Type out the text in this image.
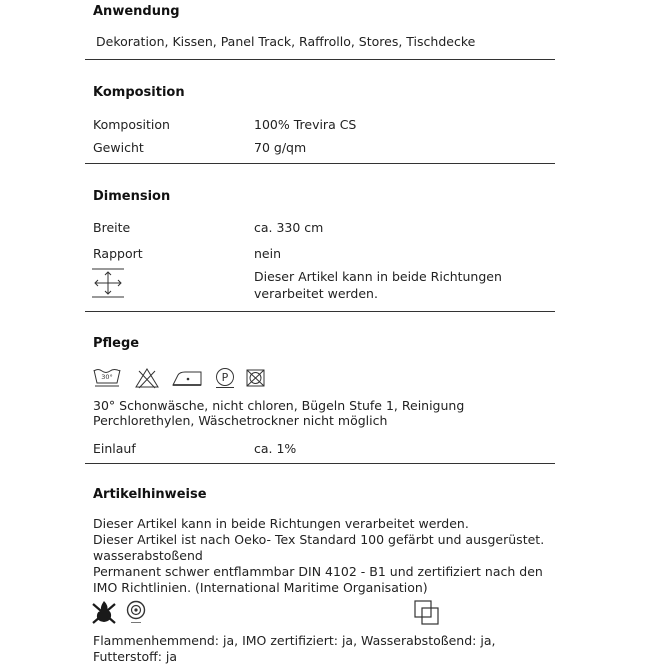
Anwendung
Dekoration, Kissen, Panel Track, Raffrollo, Stores, Tischdecke
Komposition
Komposition	100% Trevira CS
Gewicht	70 g/qm
Dimension
Breite	ca. 330 cm
Rapport	nein
Dieser Artikel kann in beide Richtungen
verarbeitet werden.
Pflege
30°	P
30° Schonwäsche, nicht chloren, Bügeln Stufe 1, Reinigung
Perchlorethylen, Wäschetrockner nicht möglich
Einlauf	ca. 1%
Artikelhinweise
Dieser Artikel kann in beide Richtungen verarbeitet werden.
Dieser Artikel ist nach Oeko- Tex Standard 100 gefärbt und ausgerüstet.
wasserabstoßend
Permanent schwer entflammbar DIN 4102 - B1 und zertifiziert nach den
IMO Richtlinien. (International Maritime Organisation)
Flammenhemmend: ja, IMO zertifiziert: ja, Wasserabstoßend: ja,
Futterstoff: ja
